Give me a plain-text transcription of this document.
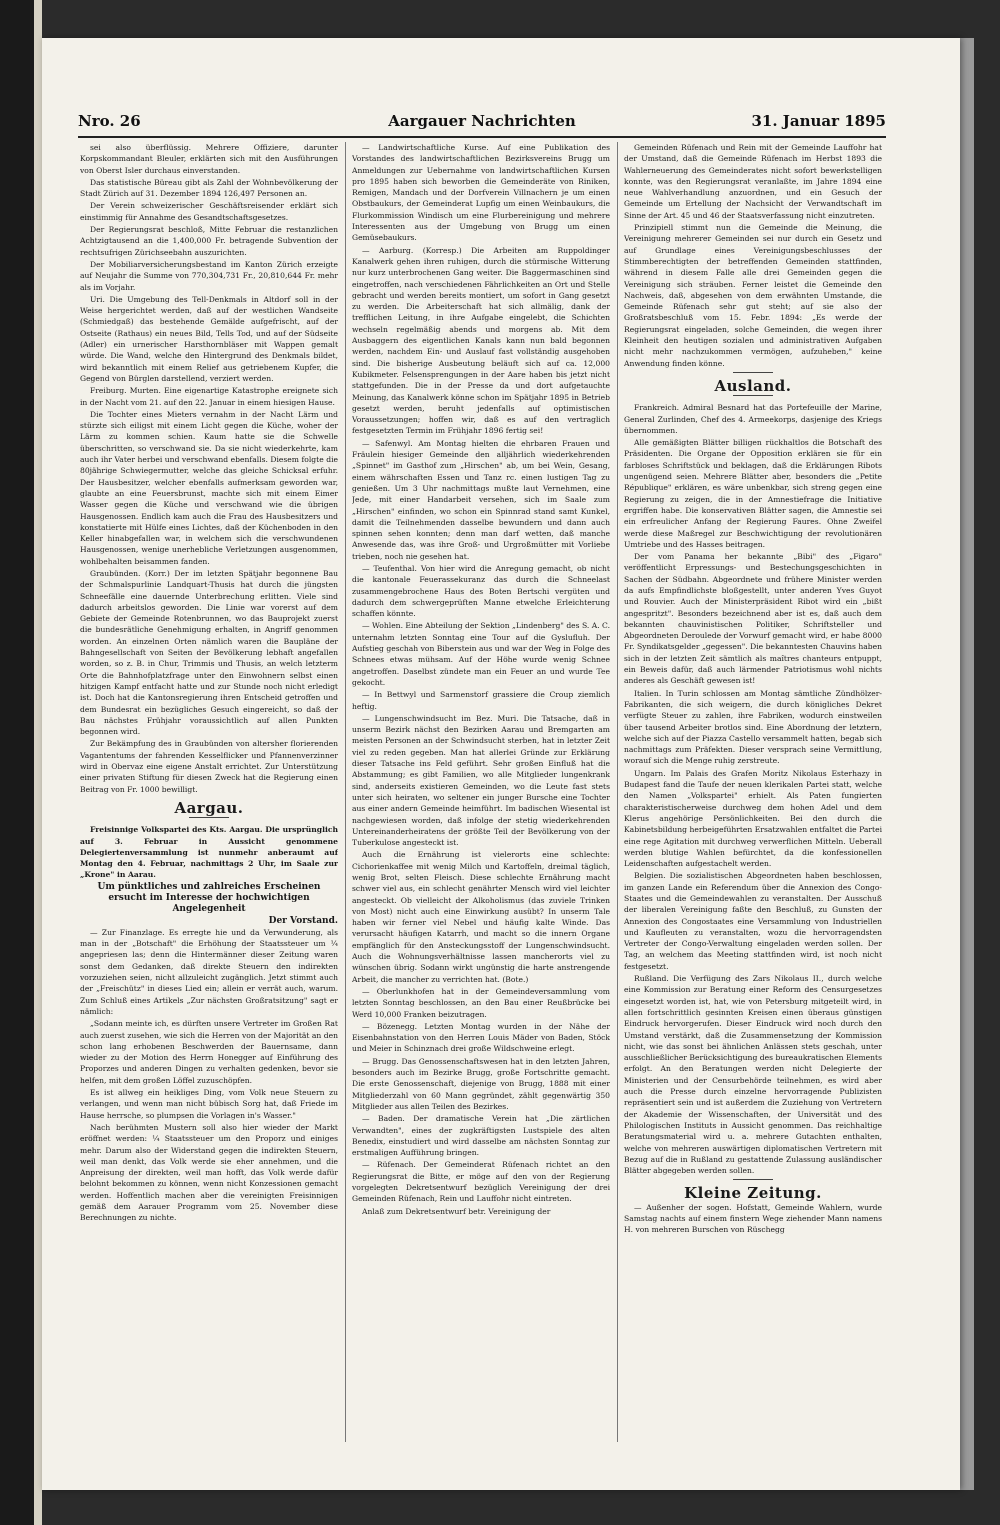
Aargauer Nachrichten
Nro. 26	31. Januar 1895

sei also überflüssig. Mehrere Offiziere, darunter Korpskommandant Bleuler, erklärten sich mit den Ausführungen von Oberst Isler durchaus einverstanden.

Das statistische Büreau gibt als Zahl der Wohnbevölkerung der Stadt Zürich auf 31. Dezember 1894 126,497 Personen an.

Der Verein schweizerischer Geschäftsreisender erklärt sich einstimmig für Annahme des Gesandtschaftsgesetzes.

Der Regierungsrat beschloß, Mitte Februar die restanzlichen Achtzigtausend an die 1,400,000 Fr. betragende Subvention der rechtsufrigen Zürichseebahn auszurichten.

Der Mobiliarversicherungsbestand im Kanton Zürich erzeigte auf Neujahr die Summe von 770,304,731 Fr., 20,810,644 Fr. mehr als im Vorjahr.

Uri. Die Umgebung des Tell-Denkmals in Altdorf soll in der Weise hergerichtet werden, daß auf der westlichen Wandseite (Schmiedgaß) das bestehende Gemälde aufgefrischt, auf der Ostseite (Rathaus) ein neues Bild, Tells Tod, und auf der Südseite (Adler) ein urnerischer Harsthornbläser mit Wappen gemalt würde. Die Wand, welche den Hintergrund des Denkmals bildet, wird bekanntlich mit einem Relief aus getriebenem Kupfer, die Gegend von Bürglen darstellend, verziert werden.

Freiburg. Murten. Eine eigenartige Katastrophe ereignete sich in der Nacht vom 21. auf den 22. Januar in einem hiesigen Hause.

Die Tochter eines Mieters vernahm in der Nacht Lärm und stürzte sich eiligst mit einem Licht gegen die Küche, woher der Lärm zu kommen schien. Kaum hatte sie die Schwelle überschritten, so verschwand sie. Da sie nicht wiederkehrte, kam auch ihr Vater herbei und verschwand ebenfalls. Diesem folgte die 80jährige Schwiegermutter, welche das gleiche Schicksal erfuhr. Der Hausbesitzer, welcher ebenfalls aufmerksam geworden war, glaubte an eine Feuersbrunst, machte sich mit einem Eimer Wasser gegen die Küche und verschwand wie die übrigen Hausgenossen. Endlich kam auch die Frau des Hausbesitzers und konstatierte mit Hülfe eines Lichtes, daß der Küchenboden in den Keller hinabgefallen war, in welchem sich die verschwundenen Hausgenossen, wenige unerhebliche Verletzungen ausgenommen, wohlbehalten beisammen fanden.

Graubünden. (Korr.) Der im letzten Spätjahr begonnene Bau der Schmalspurlinie Landquart-Thusis hat durch die jüngsten Schneefälle eine dauernde Unterbrechung erlitten. Viele sind dadurch arbeitslos geworden. Die Linie war vorerst auf dem Gebiete der Gemeinde Rotenbrunnen, wo das Bauprojekt zuerst die bundesrätliche Genehmigung erhalten, in Angriff genommen worden. An einzelnen Orten nämlich waren die Baupläne der Bahngesellschaft von Seiten der Bevölkerung lebhaft angefallen worden, so z. B. in Chur, Trimmis und Thusis, an welch letzterm Orte die Bahnhofplatzfrage unter den Einwohnern selbst einen hitzigen Kampf entfacht hatte und zur Stunde noch nicht erledigt ist. Doch hat die Kantonsregierung ihren Entscheid getroffen und dem Bundesrat ein bezügliches Gesuch eingereicht, so daß der Bau nächstes Frühjahr voraussichtlich auf allen Punkten begonnen wird.

Zur Bekämpfung des in Graubünden von altersher florierenden Vagantentums der fahrenden Kesselflicker und Pfannenverzinner wird in Obervaz eine eigene Anstalt errichtet. Zur Unterstützung einer privaten Stiftung für diesen Zweck hat die Regierung einen Beitrag von Fr. 1000 bewilligt.

Aargau.

Freisinnige Volkspartei des Kts. Aargau. Die ursprünglich auf 3. Februar in Aussicht genommene Delegiertenversammlung ist nunmehr anberaumt auf Montag den 4. Februar, nachmittags 2 Uhr, im Saale zur „Krone" in Aarau.

Um pünktliches und zahlreiches Erscheinen ersucht im Interesse der hochwichtigen Angelegenheit
Der Vorstand.

— Zur Finanzlage. Es erregte hie und da Verwunderung, als man in der „Botschaft" die Erhöhung der Staatssteuer um ¼ angepriesen las; denn die Hintermänner dieser Zeitung waren sonst dem Gedanken, daß direkte Steuern den indirekten vorzuziehen seien, nicht allzuleicht zugänglich. Jetzt stimmt auch der „Freischütz" in dieses Lied ein; allein er verrät auch, warum. Zum Schluß eines Artikels „Zur nächsten Großratsitzung" sagt er nämlich:

„Sodann meinte ich, es dürften unsere Vertreter im Großen Rat auch zuerst zusehen, wie sich die Herren von der Majorität an den schon lang erhobenen Beschwerden der Bauernsame, dann wieder zu der Motion des Herrn Honegger auf Einführung des Proporzes und anderen Dingen zu verhalten gedenken, bevor sie helfen, mit dem großen Löffel zuzuschöpfen.

Es ist allweg ein heikliges Ding, vom Volk neue Steuern zu verlangen, und wenn man nicht bübisch Sorg hat, daß Friede im Hause herrsche, so plumpsen die Vorlagen in's Wasser."

Nach berühmten Mustern soll also hier wieder der Markt eröffnet werden: ¼ Staatssteuer um den Proporz und einiges mehr. Darum also der Widerstand gegen die indirekten Steuern, weil man denkt, das Volk werde sie eher annehmen, und die Anpreisung der direkten, weil man hofft, das Volk werde dafür belohnt bekommen zu können, wenn nicht Konzessionen gemacht werden. Hoffentlich machen aber die vereinigten Freisinnigen gemäß dem Aarauer Programm vom 25. November diese Berechnungen zu nichte.

— Landwirtschaftliche Kurse. Auf eine Publikation des Vorstandes des landwirtschaftlichen Bezirksvereins Brugg um Anmeldungen zur Uebernahme von landwirtschaftlichen Kursen pro 1895 haben sich beworben die Gemeinderäte von Riniken, Remigen, Mandach und der Dorfverein Villnachern je um einen Obstbaukurs, der Gemeinderat Lupfig um einen Weinbaukurs, die Flurkommission Windisch um eine Flurbereinigung und mehrere Interessenten aus der Umgebung von Brugg um einen Gemüsebaukurs.

— Aarburg. (Korresp.) Die Arbeiten am Ruppoldinger Kanalwerk gehen ihren ruhigen, durch die stürmische Witterung nur kurz unterbrochenen Gang weiter. Die Baggermaschinen sind eingetroffen, nach verschiedenen Fährlichkeiten an Ort und Stelle gebracht und werden bereits montiert, um sofort in Gang gesetzt zu werden. Die Arbeiterschaft hat sich allmälig, dank der trefflichen Leitung, in ihre Aufgabe eingelebt, die Schichten wechseln regelmäßig abends und morgens ab. Mit dem Ausbaggern des eigentlichen Kanals kann nun bald begonnen werden, nachdem Ein- und Auslauf fast vollständig ausgehoben sind. Die bisherige Ausbeutung beläuft sich auf ca. 12,000 Kubikmeter. Felsensprengungen in der Aare haben bis jetzt nicht stattgefunden. Die in der Presse da und dort aufgetauchte Meinung, das Kanalwerk könne schon im Spätjahr 1895 in Betrieb gesetzt werden, beruht jedenfalls auf optimistischen Voraussetzungen; hoffen wir, daß es auf den vertraglich festgesetzten Termin im Frühjahr 1896 fertig sei!

— Safenwyl. Am Montag hielten die ehrbaren Frauen und Fräulein hiesiger Gemeinde den alljährlich wiederkehrenden „Spinnet" im Gasthof zum „Hirschen" ab, um bei Wein, Gesang, einem währschaften Essen und Tanz rc. einen lustigen Tag zu genießen. Um 3 Uhr nachmittags mußte laut Vernehmen, eine Jede, mit einer Handarbeit versehen, sich im Saale zum „Hirschen" einfinden, wo schon ein Spinnrad stand samt Kunkel, damit die Teilnehmenden dasselbe bewundern und dann auch spinnen sehen konnten; denn man darf wetten, daß manche Anwesende das, was ihre Groß- und Urgroßmütter mit Vorliebe trieben, noch nie gesehen hat.

— Teufenthal. Von hier wird die Anregung gemacht, ob nicht die kantonale Feuerassekuranz das durch die Schneelast zusammengebrochene Haus des Boten Bertschi vergüten und dadurch dem schwergeprüften Manne etwelche Erleichterung schaffen könnte.

— Wohlen. Eine Abteilung der Sektion „Lindenberg" des S. A. C. unternahm letzten Sonntag eine Tour auf die Gyslufluh. Der Aufstieg geschah von Biberstein aus und war der Weg in Folge des Schnees etwas mühsam. Auf der Höhe wurde wenig Schnee angetroffen. Daselbst zündete man ein Feuer an und wurde Tee gekocht.

— In Bettwyl und Sarmenstorf grassiere die Croup ziemlich heftig.

— Lungenschwindsucht im Bez. Muri. Die Tatsache, daß in unserm Bezirk nächst den Bezirken Aarau und Bremgarten am meisten Personen an der Schwindsucht sterben, hat in letzter Zeit viel zu reden gegeben. Man hat allerlei Gründe zur Erklärung dieser Tatsache ins Feld geführt. Sehr großen Einfluß hat die Abstammung; es gibt Familien, wo alle Mitglieder lungenkrank sind, anderseits existieren Gemeinden, wo die Leute fast stets unter sich heiraten, wo seltener ein junger Bursche eine Tochter aus einer andern Gemeinde heimführt. Im badischen Wiesental ist nachgewiesen worden, daß infolge der stetig wiederkehrenden Untereinanderheiratens der größte Teil der Bevölkerung von der Tuberkulose angesteckt ist.

Auch die Ernährung ist vielerorts eine schlechte: Cichorienkaffee mit wenig Milch und Kartoffeln, dreimal täglich, wenig Brot, selten Fleisch. Diese schlechte Ernährung macht schwer viel aus, ein schlecht genährter Mensch wird viel leichter angesteckt. Ob vielleicht der Alkoholismus (das zuviele Trinken von Most) nicht auch eine Einwirkung ausübt? In unserm Tale haben wir ferner viel Nebel und häufig kalte Winde. Das verursacht häufigen Katarrh, und macht so die innern Organe empfänglich für den Ansteckungsstoff der Lungenschwindsucht. Auch die Wohnungsverhältnisse lassen mancherorts viel zu wünschen übrig. Sodann wirkt ungünstig die harte anstrengende Arbeit, die mancher zu verrichten hat. (Bote.)

— Oberlunkhofen hat in der Gemeindeversammlung vom letzten Sonntag beschlossen, an den Bau einer Reußbrücke bei Werd 10,000 Franken beizutragen.

— Bözenegg. Letzten Montag wurden in der Nähe der Eisenbahnstation von den Herren Louis Mäder von Baden, Stöck und Meier in Schinznach drei große Wildschweine erlegt.

— Brugg. Das Genossenschaftswesen hat in den letzten Jahren, besonders auch im Bezirke Brugg, große Fortschritte gemacht. Die erste Genossenschaft, diejenige von Brugg, 1888 mit einer Mitgliederzahl von 60 Mann gegründet, zählt gegenwärtig 350 Mitglieder aus allen Teilen des Bezirkes.

— Baden. Der dramatische Verein hat „Die zärtlichen Verwandten", eines der zugkräftigsten Lustspiele des alten Benedix, einstudiert und wird dasselbe am nächsten Sonntag zur erstmaligen Aufführung bringen.

— Rüfenach. Der Gemeinderat Rüfenach richtet an den Regierungsrat die Bitte, er möge auf den von der Regierung vorgelegten Dekretsentwurf bezüglich Vereinigung der drei Gemeinden Rüfenach, Rein und Lauffohr nicht eintreten.

Anlaß zum Dekretsentwurf betr. Vereinigung der

Gemeinden Rüfenach und Rein mit der Gemeinde Lauffohr hat der Umstand, daß die Gemeinde Rüfenach im Herbst 1893 die Wahlerneuerung des Gemeinderates nicht sofort bewerkstelligen konnte, was den Regierungsrat veranlaßte, im Jahre 1894 eine neue Wahlverhandlung anzuordnen, und ein Gesuch der Gemeinde um Ertellung der Nachsicht der Verwandtschaft im Sinne der Art. 45 und 46 der Staatsverfassung nicht einzutreten.

Prinzipiell stimmt nun die Gemeinde die Meinung, die Vereinigung mehrerer Gemeinden sei nur durch ein Gesetz und auf Grundlage eines Vereinigungsbeschlusses der Stimmberechtigten der betreffenden Gemeinden stattfinden, während in diesem Falle alle drei Gemeinden gegen die Vereinigung sich sträuben. Ferner leistet die Gemeinde den Nachweis, daß, abgesehen von dem erwähnten Umstande, die Gemeinde Rüfenach sehr gut steht; auf sie also der Großratsbeschluß vom 15. Febr. 1894: „Es werde der Regierungsrat eingeladen, solche Gemeinden, die wegen ihrer Kleinheit den heutigen sozialen und administrativen Aufgaben nicht mehr nachzukommen vermögen, aufzuheben," keine Anwendung finden könne.

Ausland.

Frankreich. Admiral Besnard hat das Portefeuille der Marine, General Zurlinden, Chef des 4. Armeekorps, dasjenige des Kriegs übernommen.

Alle gemäßigten Blätter billigen rückhaltlos die Botschaft des Präsidenten. Die Organe der Opposition erklären sie für ein farbloses Schriftstück und beklagen, daß die Erklärungen Ribots ungenügend seien. Mehrere Blätter aber, besonders die „Petite République" erklären, es wäre unbenkbar, sich streng gegen eine Regierung zu zeigen, die in der Amnestiefrage die Initiative ergriffen habe. Die konservativen Blätter sagen, die Amnestie sei ein erfreulicher Anfang der Regierung Faures. Ohne Zweifel werde diese Maßregel zur Beschwichtigung der revolutionären Umtriebe und des Hasses beitragen.

Der vom Panama her bekannte „Bibi" des „Figaro" veröffentlicht Erpressungs- und Bestechungsgeschichten in Sachen der Südbahn. Abgeordnete und frühere Minister werden da aufs Empfindlichste bloßgestellt, unter anderen Yves Guyot und Rouvier. Auch der Ministerpräsident Ribot wird ein „bißt angespritzt". Besonders bezeichnend aber ist es, daß auch dem bekannten chauvinistischen Politiker, Schriftsteller und Abgeordneten Deroulede der Vorwurf gemacht wird, er habe 8000 Fr. Syndikatsgelder „gegessen". Die bekanntesten Chauvins haben sich in der letzten Zeit sämtlich als maîtres chanteurs entpuppt, ein Beweis dafür, daß auch lärmender Patriotismus wohl nichts anderes als Geschäft gewesen ist!

Italien. In Turin schlossen am Montag sämtliche Zündhölzer-Fabrikanten, die sich weigern, die durch königliches Dekret verfügte Steuer zu zahlen, ihre Fabriken, wodurch einstweilen über tausend Arbeiter brotlos sind. Eine Abordnung der letztern, welche sich auf der Piazza Castello versammelt hatten, begab sich nachmittags zum Präfekten. Dieser versprach seine Vermittlung, worauf sich die Menge ruhig zerstreute.

Ungarn. Im Palais des Grafen Moritz Nikolaus Esterhazy in Budapest fand die Taufe der neuen klerikalen Partei statt, welche den Namen „Volkspartei" erhielt. Als Paten fungierten charakteristischerweise durchweg dem hohen Adel und dem Klerus angehörige Persönlichkeiten. Bei den durch die Kabinetsbildung herbeigeführten Ersatzwahlen entfaltet die Partei eine rege Agitation mit durchweg verwerflichen Mitteln. Ueberall werden blutige Wahlen befürchtet, da die konfessionellen Leidenschaften aufgestachelt werden.

Belgien. Die sozialistischen Abgeordneten haben beschlossen, im ganzen Lande ein Referendum über die Annexion des Congo-Staates und die Gemeindewahlen zu veranstalten. Der Ausschuß der liberalen Vereinigung faßte den Beschluß, zu Gunsten der Annexion des Congostaates eine Versammlung von Industriellen und Kaufleuten zu veranstalten, wozu die hervorragendsten Vertreter der Congo-Verwaltung eingeladen werden sollen. Der Tag, an welchem das Meeting stattfinden wird, ist noch nicht festgesetzt.

Rußland. Die Verfügung des Zars Nikolaus II., durch welche eine Kommission zur Beratung einer Reform des Censurgesetzes eingesetzt worden ist, hat, wie von Petersburg mitgeteilt wird, in allen fortschrittlich gesinnten Kreisen einen überaus günstigen Eindruck hervorgerufen. Dieser Eindruck wird noch durch den Umstand verstärkt, daß die Zusammensetzung der Kommission nicht, wie das sonst bei ähnlichen Anlässen stets geschah, unter ausschließlicher Berücksichtigung des bureaukratischen Elements erfolgt. An den Beratungen werden nicht Delegierte der Ministerien und der Censurbehörde teilnehmen, es wird aber auch die Presse durch einzelne hervorragende Publizisten repräsentiert sein und ist außerdem die Zuziehung von Vertretern der Akademie der Wissenschaften, der Universität und des Philologischen Instituts in Aussicht genommen. Das reichhaltige Beratungsmaterial wird u. a. mehrere Gutachten enthalten, welche von mehreren auswärtigen diplomatischen Vertretern mit Bezug auf die in Rußland zu gestattende Zulassung ausländischer Blätter abgegeben werden sollen.

Kleine Zeitung.

— Außenher der sogen. Hofstatt, Gemeinde Wahlern, wurde Samstag nachts auf einem finstern Wege ziehender Mann namens H. von mehreren Burschen von Rüschegg
